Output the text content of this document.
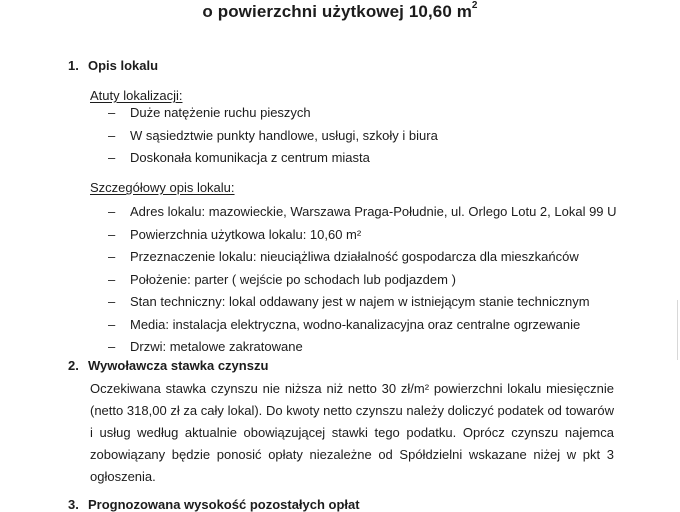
o powierzchni użytkowej 10,60 $m^2$
1. Opis lokalu
Atuty lokalizacji:
– Duże natężenie ruchu pieszych
– W sąsiedztwie punkty handlowe, usługi, szkoły i biura
– Doskonała komunikacja z centrum miasta
Szczegółowy opis lokalu:
– Adres lokalu: mazowieckie, Warszawa Praga-Południe, ul. Orlego Lotu 2, Lokal 99 U
– Powierzchnia użytkowa lokalu: 10,60 m²
– Przeznaczenie lokalu: nieuciążliwa działalność gospodarcza dla mieszkańców
– Położenie: parter ( wejście po schodach lub podjazdem )
– Stan techniczny: lokal oddawany jest w najem w istniejącym stanie technicznym
– Media: instalacja elektryczna, wodno-kanalizacyjna oraz centralne ogrzewanie
– Drzwi: metalowe zakratowane
2. Wywoławcza stawka czynszu

Oczekiwana stawka czynszu nie niższa niż netto 30 zł/m² powierzchni lokalu miesięcznie
(netto 318,00 zł za cały lokal). Do kwoty netto czynszu należy doliczyć podatek od towarów
i usług według aktualnie obowiązującej stawki tego podatku. Oprócz czynszu najemca
zobowiązany będzie ponosić opłaty niezależne od Spółdzielni wskazane niżej w pkt 3
ogłoszenia.

3. Prognozowana wysokość pozostałych opłat
